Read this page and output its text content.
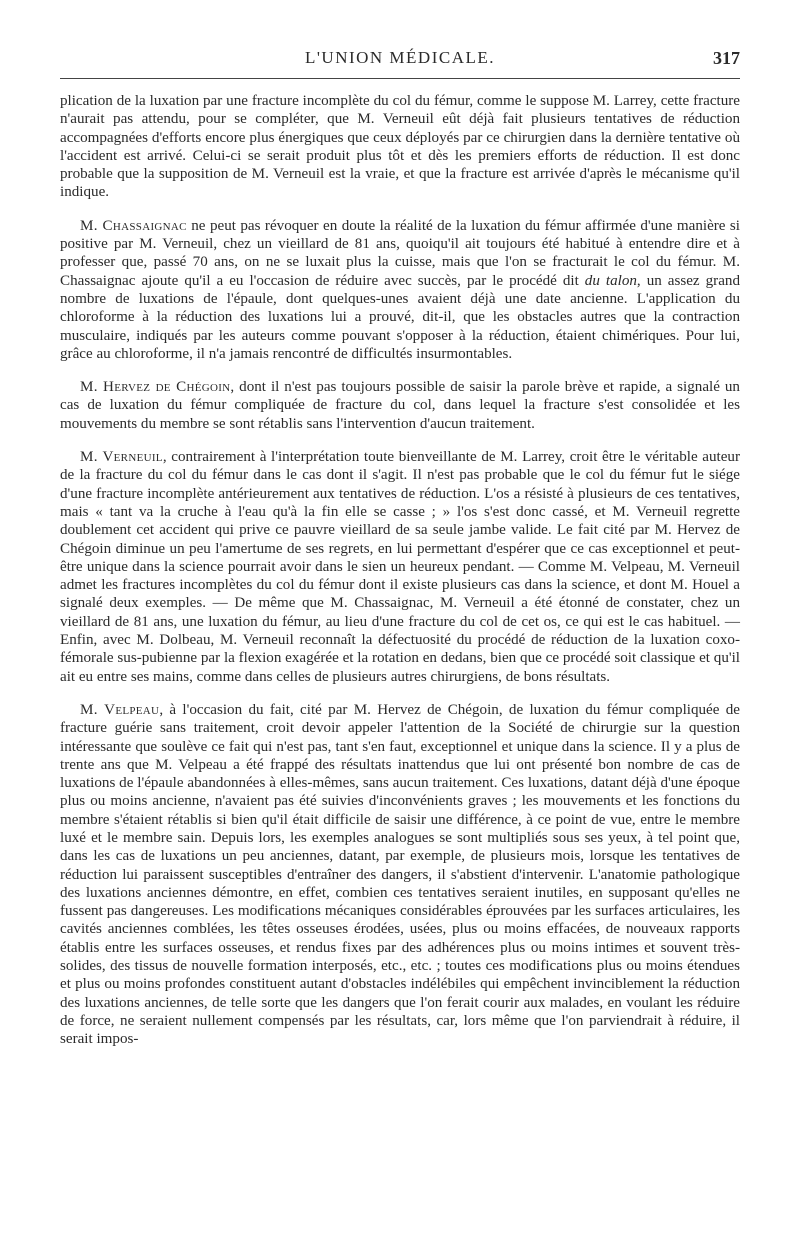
L'UNION MÉDICALE.	317

plication de la luxation par une fracture incomplète du col du fémur, comme le suppose M. Larrey, cette fracture n'aurait pas attendu, pour se compléter, que M. Verneuil eût déjà fait plusieurs tentatives de réduction accompagnées d'efforts encore plus énergiques que ceux déployés par ce chirurgien dans la dernière tentative où l'accident est arrivé. Celui-ci se serait produit plus tôt et dès les premiers efforts de réduction. Il est donc probable que la supposition de M. Verneuil est la vraie, et que la fracture est arrivée d'après le mécanisme qu'il indique.

M. Chassaignac ne peut pas révoquer en doute la réalité de la luxation du fémur affirmée d'une manière si positive par M. Verneuil, chez un vieillard de 81 ans, quoiqu'il ait toujours été habitué à entendre dire et à professer que, passé 70 ans, on ne se luxait plus la cuisse, mais que l'on se fracturait le col du fémur. M. Chassaignac ajoute qu'il a eu l'occasion de réduire avec succès, par le procédé dit du talon, un assez grand nombre de luxations de l'épaule, dont quelques-unes avaient déjà une date ancienne. L'application du chloroforme à la réduction des luxations lui a prouvé, dit-il, que les obstacles autres que la contraction musculaire, indiqués par les auteurs comme pouvant s'opposer à la réduction, étaient chimériques. Pour lui, grâce au chloroforme, il n'a jamais rencontré de difficultés insurmontables.

M. Hervez de Chégoin, dont il n'est pas toujours possible de saisir la parole brève et rapide, a signalé un cas de luxation du fémur compliquée de fracture du col, dans lequel la fracture s'est consolidée et les mouvements du membre se sont rétablis sans l'intervention d'aucun traitement.

M. Verneuil, contrairement à l'interprétation toute bienveillante de M. Larrey, croit être le véritable auteur de la fracture du col du fémur dans le cas dont il s'agit. Il n'est pas probable que le col du fémur fut le siége d'une fracture incomplète antérieurement aux tentatives de réduction. L'os a résisté à plusieurs de ces tentatives, mais « tant va la cruche à l'eau qu'à la fin elle se casse ; » l'os s'est donc cassé, et M. Verneuil regrette doublement cet accident qui prive ce pauvre vieillard de sa seule jambe valide. Le fait cité par M. Hervez de Chégoin diminue un peu l'amertume de ses regrets, en lui permettant d'espérer que ce cas exceptionnel et peut-être unique dans la science pourrait avoir dans le sien un heureux pendant. — Comme M. Velpeau, M. Verneuil admet les fractures incomplètes du col du fémur dont il existe plusieurs cas dans la science, et dont M. Houel a signalé deux exemples. — De même que M. Chassaignac, M. Verneuil a été étonné de constater, chez un vieillard de 81 ans, une luxation du fémur, au lieu d'une fracture du col de cet os, ce qui est le cas habituel. — Enfin, avec M. Dolbeau, M. Verneuil reconnaît la défectuosité du procédé de réduction de la luxation coxo-fémorale sus-pubienne par la flexion exagérée et la rotation en dedans, bien que ce procédé soit classique et qu'il ait eu entre ses mains, comme dans celles de plusieurs autres chirurgiens, de bons résultats.

M. Velpeau, à l'occasion du fait, cité par M. Hervez de Chégoin, de luxation du fémur compliquée de fracture guérie sans traitement, croit devoir appeler l'attention de la Société de chirurgie sur la question intéressante que soulève ce fait qui n'est pas, tant s'en faut, exceptionnel et unique dans la science. Il y a plus de trente ans que M. Velpeau a été frappé des résultats inattendus que lui ont présenté bon nombre de cas de luxations de l'épaule abandonnées à elles-mêmes, sans aucun traitement. Ces luxations, datant déjà d'une époque plus ou moins ancienne, n'avaient pas été suivies d'inconvénients graves ; les mouvements et les fonctions du membre s'étaient rétablis si bien qu'il était difficile de saisir une différence, à ce point de vue, entre le membre luxé et le membre sain. Depuis lors, les exemples analogues se sont multipliés sous ses yeux, à tel point que, dans les cas de luxations un peu anciennes, datant, par exemple, de plusieurs mois, lorsque les tentatives de réduction lui paraissent susceptibles d'entraîner des dangers, il s'abstient d'intervenir. L'anatomie pathologique des luxations anciennes démontre, en effet, combien ces tentatives seraient inutiles, en supposant qu'elles ne fussent pas dangereuses. Les modifications mécaniques considérables éprouvées par les surfaces articulaires, les cavités anciennes comblées, les têtes osseuses érodées, usées, plus ou moins effacées, de nouveaux rapports établis entre les surfaces osseuses, et rendus fixes par des adhérences plus ou moins intimes et souvent très-solides, des tissus de nouvelle formation interposés, etc., etc. ; toutes ces modifications plus ou moins étendues et plus ou moins profondes constituent autant d'obstacles indélébiles qui empêchent invinciblement la réduction des luxations anciennes, de telle sorte que les dangers que l'on ferait courir aux malades, en voulant les réduire de force, ne seraient nullement compensés par les résultats, car, lors même que l'on parviendrait à réduire, il serait impos-
